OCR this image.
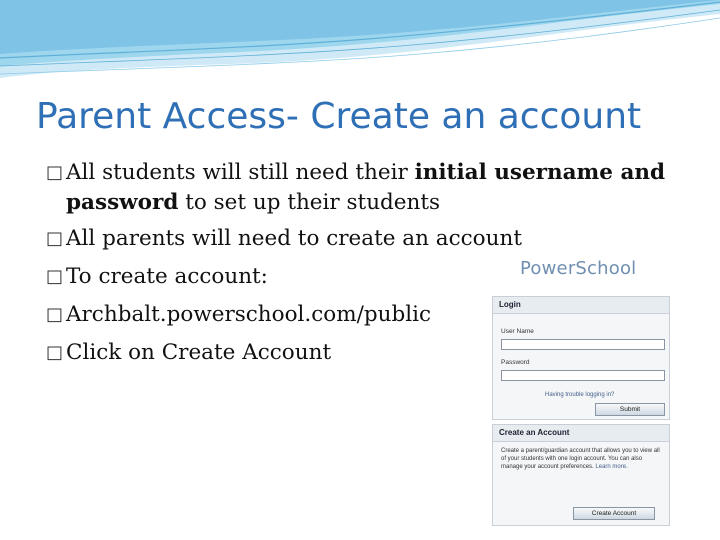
Parent Access- Create an account
□ All students will still need their initial username and password to set up their students
□ All parents will need to create an account
□ To create account:
□ Archbalt.powerschool.com/public
□ Click on Create Account
PowerSchool
Login
User Name
Password
Having trouble logging in?
Submit
Create an Account
Create a parent/guardian account that allows you to view all of your students with one login account. You can also manage your account preferences. Learn more.
Create Account
